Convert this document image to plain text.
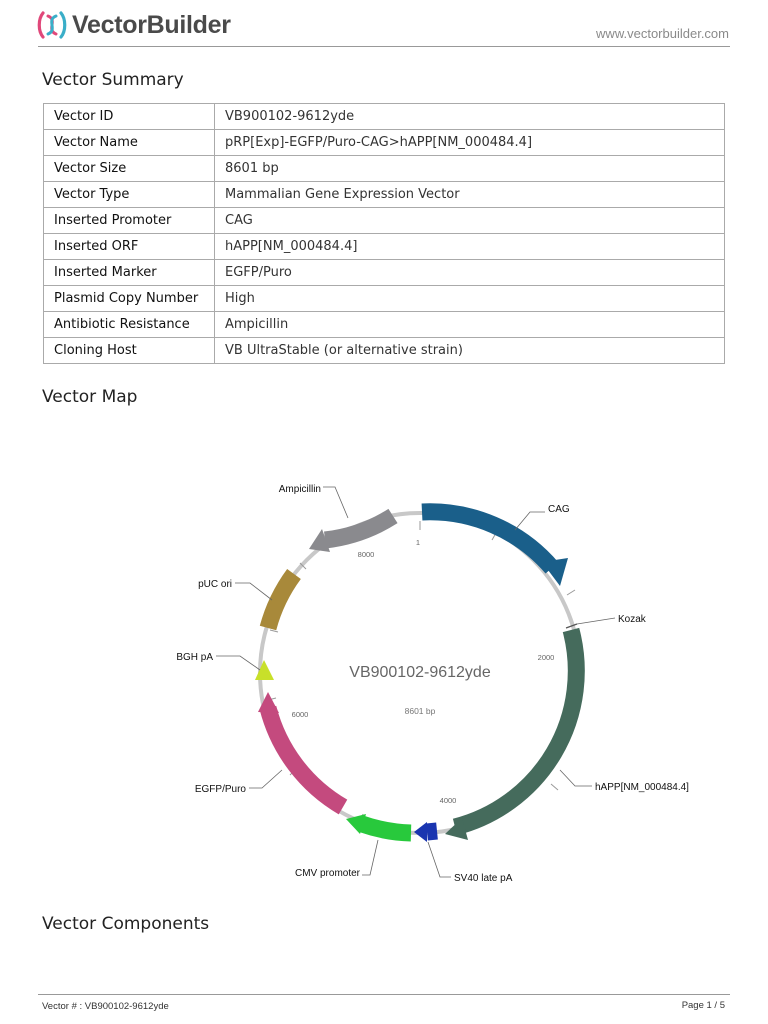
VectorBuilder	www.vectorbuilder.com
Vector Summary
Vector ID	VB900102-9612yde
Vector Name	pRP[Exp]-EGFP/Puro-CAG>hAPP[NM_000484.4]
Vector Size	8601 bp
Vector Type	Mammalian Gene Expression Vector
Inserted Promoter	CAG
Inserted ORF	hAPP[NM_000484.4]
Inserted Marker	EGFP/Puro
Plasmid Copy Number	High
Antibiotic Resistance	Ampicillin
Cloning Host	VB UltraStable (or alternative strain)
Vector Map
1
2000
4000
6000
8000
VB900102-9612yde
8601 bp
CAG
Kozak
hAPP[NM_000484.4]
SV40 late pA
CMV promoter
EGFP/Puro
BGH pA
pUC ori
Ampicillin
Vector Components
Vector # : VB900102-9612yde	Page 1 / 5
